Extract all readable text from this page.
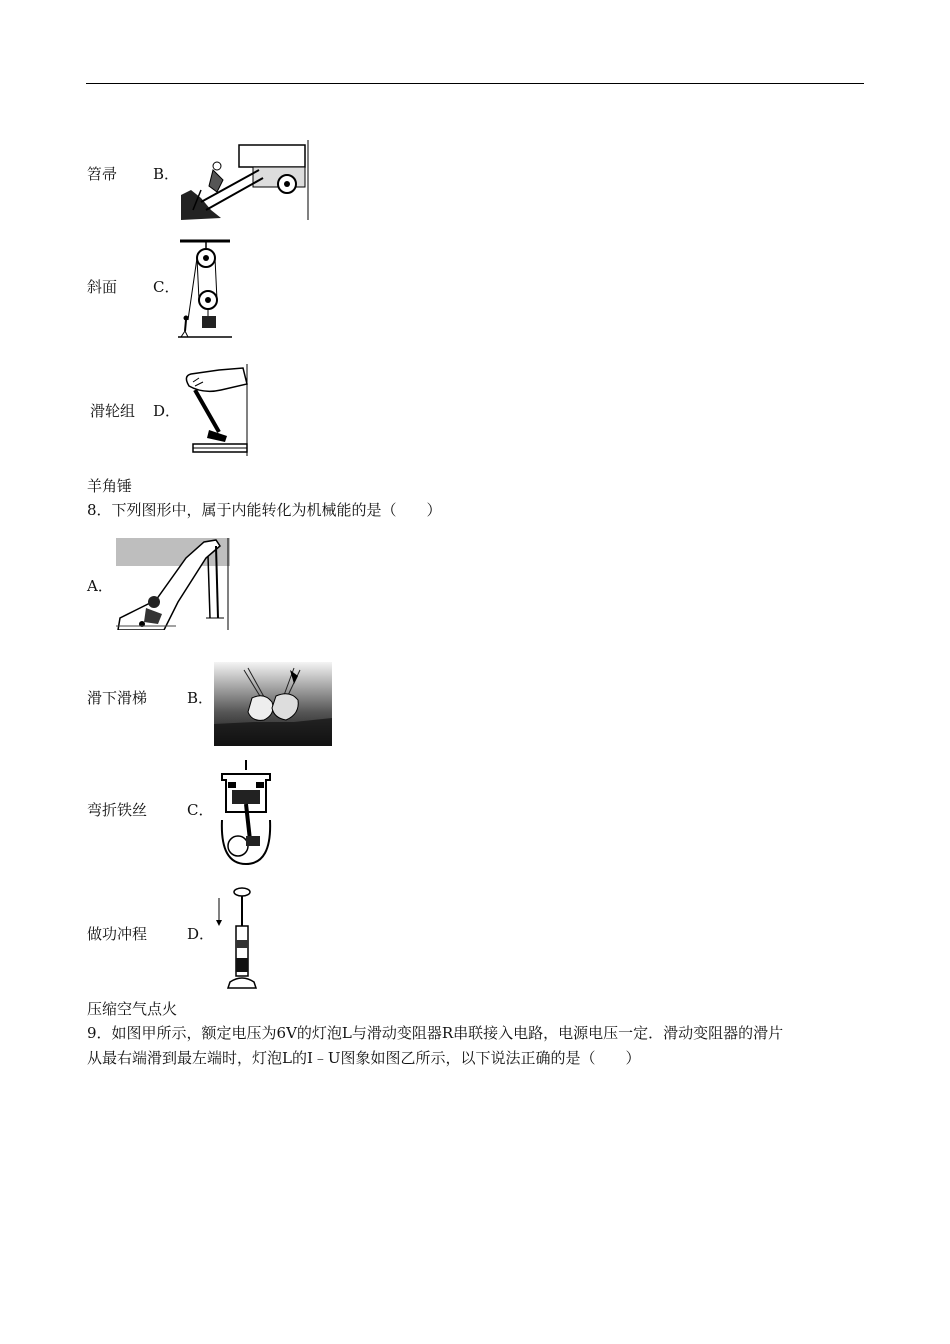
笤帚 B．
斜面 C．
滑轮组 D．
羊角锤
8．下列图形中，属于内能转化为机械能的是（　　）
A．
滑下滑梯	B．
弯折铁丝	C．
做功冲程	D．
压缩空气点火
9．如图甲所示，额定电压为6V的灯泡L与滑动变阻器R串联接入电路，电源电压一定．滑动变阻器的滑片
从最右端滑到最左端时，灯泡L的I﹣U图象如图乙所示，以下说法正确的是（　　）
